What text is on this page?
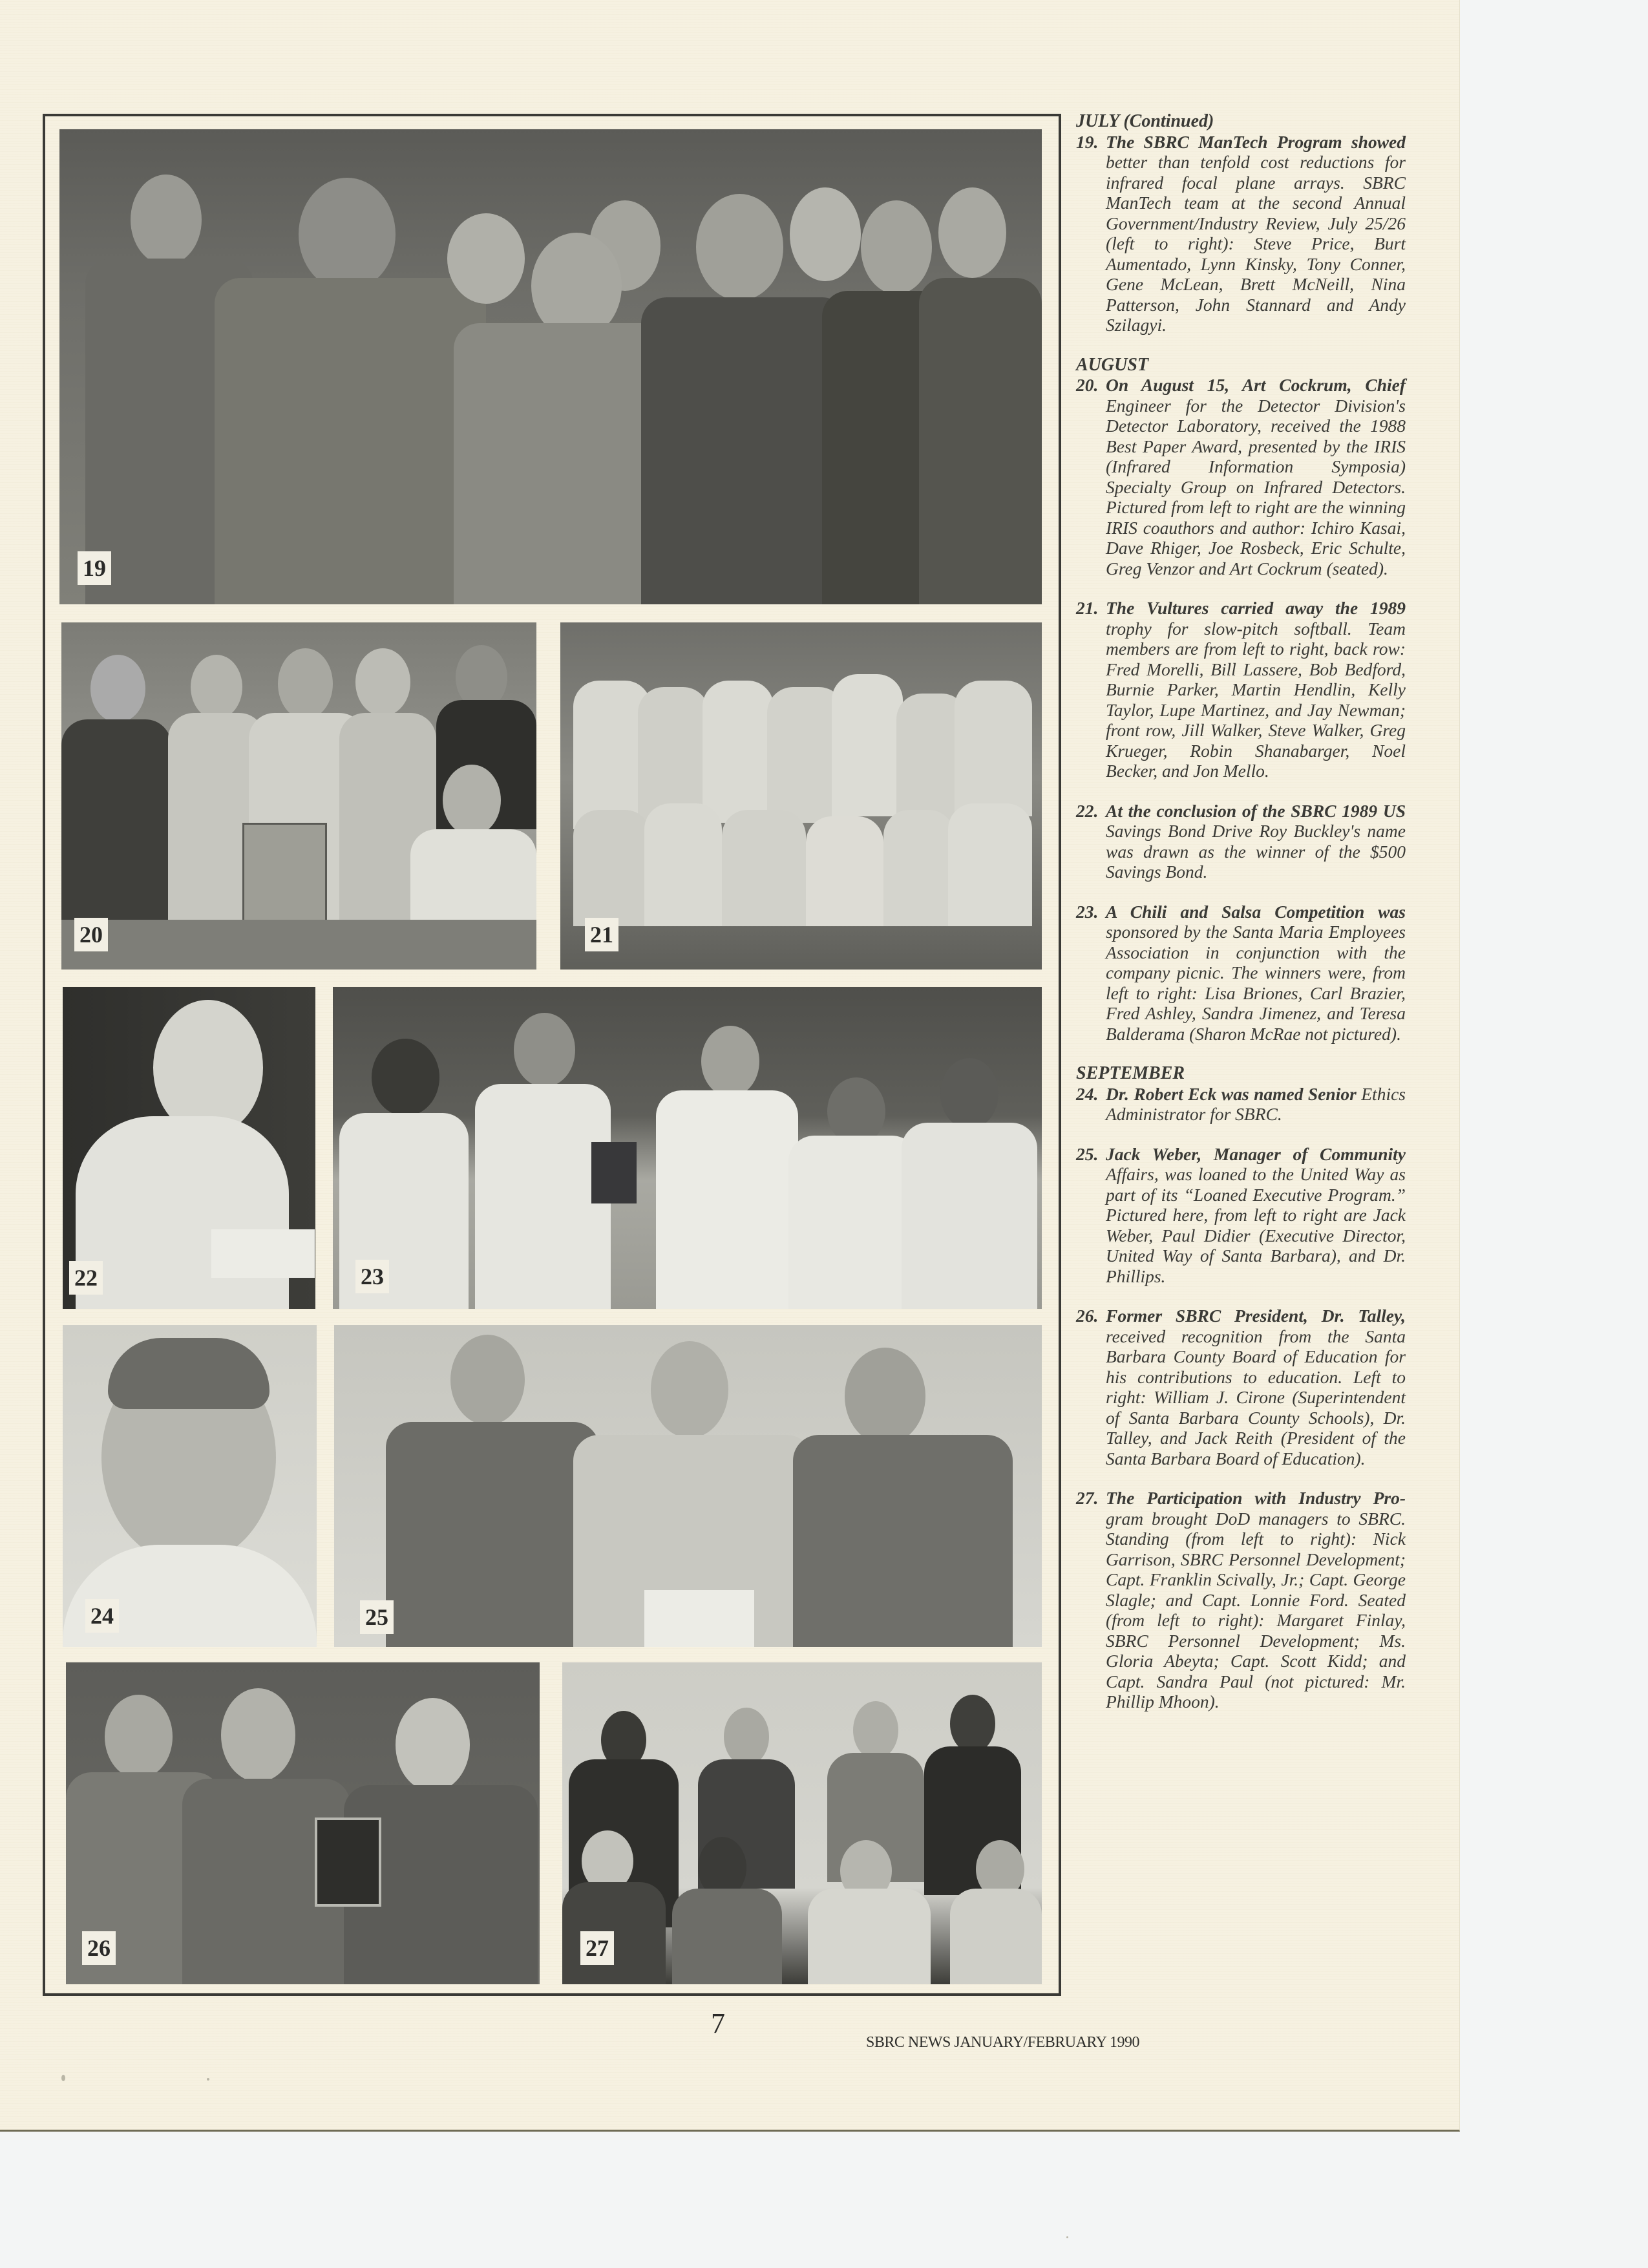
19
20	21
22	23
24	25
26	27

JULY (Continued)

19. The SBRC ManTech Program showed better than tenfold cost reductions for infrared focal plane arrays. SBRC ManTech team at the second Annual Government/Industry Review, July 25/26 (left to right): Steve Price, Burt Aumentado, Lynn Kinsky, Tony Conner, Gene McLean, Brett McNeill, Nina Patterson, John Stannard and Andy Szilagyi.

AUGUST

20. On August 15, Art Cockrum, Chief Engineer for the Detector Division's Detector Laboratory, received the 1988 Best Paper Award, presented by the IRIS (Infrared Information Symposia) Specialty Group on Infrared Detectors. Pictured from left to right are the winning IRIS coauthors and author: Ichiro Kasai, Dave Rhiger, Joe Rosbeck, Eric Schulte, Greg Venzor and Art Cockrum (seated).

21. The Vultures carried away the 1989 trophy for slow-pitch softball. Team members are from left to right, back row: Fred Morelli, Bill Lassere, Bob Bedford, Burnie Parker, Martin Hendlin, Kelly Taylor, Lupe Martinez, and Jay Newman; front row, Jill Walker, Steve Walker, Greg Krueger, Robin Shanabarger, Noel Becker, and Jon Mello.

22. At the conclusion of the SBRC 1989 US Savings Bond Drive Roy Buckley's name was drawn as the winner of the $500 Savings Bond.

23. A Chili and Salsa Competition was sponsored by the Santa Maria Employees Association in conjunction with the company picnic. The winners were, from left to right: Lisa Briones, Carl Brazier, Fred Ashley, Sandra Jimenez, and Teresa Balderama (Sharon McRae not pictured).

SEPTEMBER

24. Dr. Robert Eck was named Senior Ethics Administrator for SBRC.

25. Jack Weber, Manager of Community Affairs, was loaned to the United Way as part of its “Loaned Executive Program.” Pictured here, from left to right are Jack Weber, Paul Didier (Executive Director, United Way of Santa Barbara), and Dr. Phillips.

26. Former SBRC President, Dr. Talley, received recognition from the Santa Barbara County Board of Education for his contributions to education. Left to right: William J. Cirone (Superintendent of Santa Barbara County Schools), Dr. Talley, and Jack Reith (President of the Santa Barbara Board of Education).

27. The Participation with Industry Pro-gram brought DoD managers to SBRC. Standing (from left to right): Nick Garrison, SBRC Personnel Development; Capt. Franklin Scivally, Jr.; Capt. George Slagle; and Capt. Lonnie Ford. Seated (from left to right): Margaret Finlay, SBRC Personnel Development; Ms. Gloria Abeyta; Capt. Scott Kidd; and Capt. Sandra Paul (not pictured: Mr. Phillip Mhoon).

7
SBRC NEWS JANUARY/FEBRUARY 1990
